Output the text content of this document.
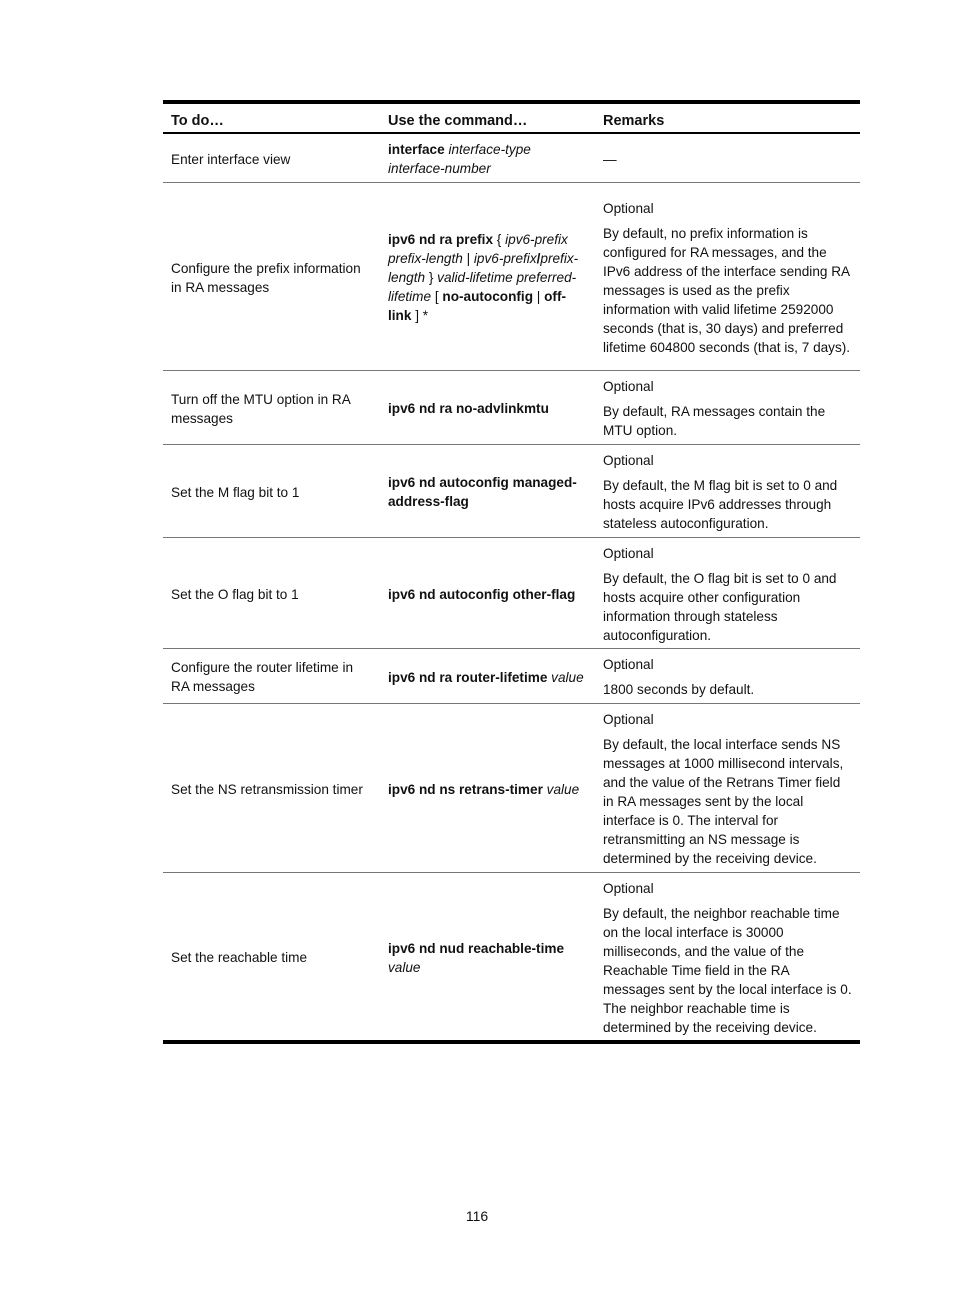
To do…	Use the command…	Remarks
Enter interface view	interface interface-type interface-number	—
Configure the prefix information in RA messages	ipv6 nd ra prefix { ipv6-prefix prefix-length | ipv6-prefix/prefix-length } valid-lifetime preferred-lifetime [ no-autoconfig | off-link ] *	Optional
By default, no prefix information is configured for RA messages, and the IPv6 address of the interface sending RA messages is used as the prefix information with valid lifetime 2592000 seconds (that is, 30 days) and preferred lifetime 604800 seconds (that is, 7 days).

Turn off the MTU option in RA messages	ipv6 nd ra no-advlinkmtu	Optional
By default, RA messages contain the MTU option.

Set the M flag bit to 1	ipv6 nd autoconfig managed-address-flag	Optional
By default, the M flag bit is set to 0 and hosts acquire IPv6 addresses through stateless autoconfiguration.

Set the O flag bit to 1	ipv6 nd autoconfig other-flag	Optional
By default, the O flag bit is set to 0 and hosts acquire other configuration information through stateless autoconfiguration.

Configure the router lifetime in RA messages	ipv6 nd ra router-lifetime value	Optional
1800 seconds by default.

Set the NS retransmission timer	ipv6 nd ns retrans-timer value	Optional
By default, the local interface sends NS messages at 1000 millisecond intervals, and the value of the Retrans Timer field in RA messages sent by the local interface is 0. The interval for retransmitting an NS message is determined by the receiving device.

Set the reachable time	ipv6 nd nud reachable-time value	Optional
By default, the neighbor reachable time on the local interface is 30000 milliseconds, and the value of the Reachable Time field in the RA messages sent by the local interface is 0. The neighbor reachable time is determined by the receiving device.
116
